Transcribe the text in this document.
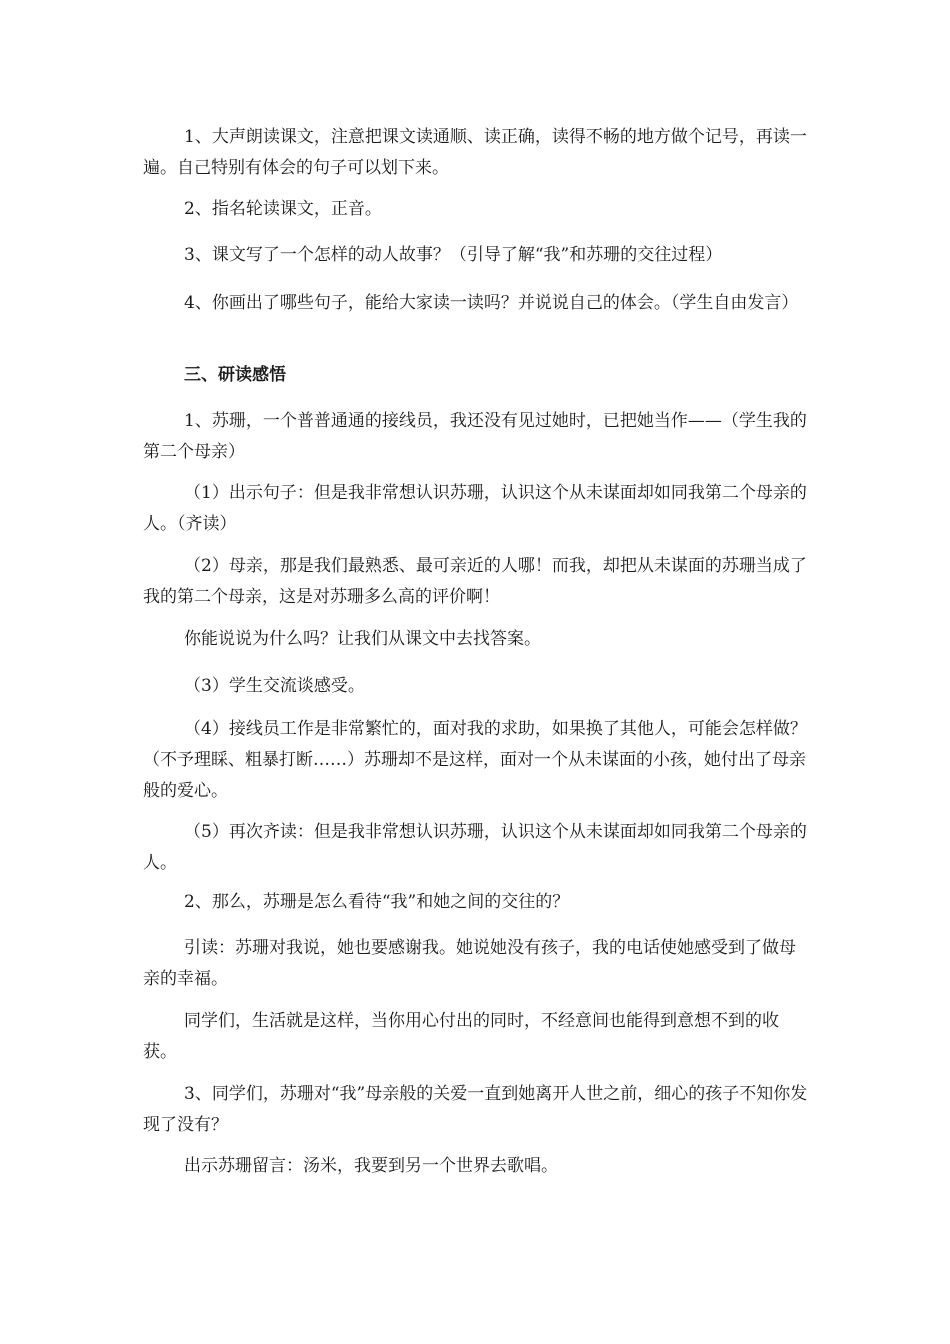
1、大声朗读课文，注意把课文读通顺、读正确，读得不畅的地方做个记号，再读一遍。自己特别有体会的句子可以划下来。

2、指名轮读课文，正音。

3、课文写了一个怎样的动人故事？（引导了解“我”和苏珊的交往过程）

4、你画出了哪些句子，能给大家读一读吗？并说说自己的体会。（学生自由发言）

三、研读感悟

1、苏珊，一个普普通通的接线员，我还没有见过她时，已把她当作——（学生我的第二个母亲）

（1）出示句子：但是我非常想认识苏珊，认识这个从未谋面却如同我第二个母亲的人。（齐读）

（2）母亲，那是我们最熟悉、最可亲近的人哪！而我，却把从未谋面的苏珊当成了我的第二个母亲，这是对苏珊多么高的评价啊！

你能说说为什么吗？让我们从课文中去找答案。

（3）学生交流谈感受。

（4）接线员工作是非常繁忙的，面对我的求助，如果换了其他人，可能会怎样做？（不予理睬、粗暴打断……）苏珊却不是这样，面对一个从未谋面的小孩，她付出了母亲般的爱心。

（5）再次齐读：但是我非常想认识苏珊，认识这个从未谋面却如同我第二个母亲的人。

2、那么，苏珊是怎么看待“我”和她之间的交往的？

引读：苏珊对我说，她也要感谢我。她说她没有孩子，我的电话使她感受到了做母亲的幸福。

同学们，生活就是这样，当你用心付出的同时，不经意间也能得到意想不到的收获。

3、同学们，苏珊对“我”母亲般的关爱一直到她离开人世之前，细心的孩子不知你发现了没有？

出示苏珊留言：汤米，我要到另一个世界去歌唱。
